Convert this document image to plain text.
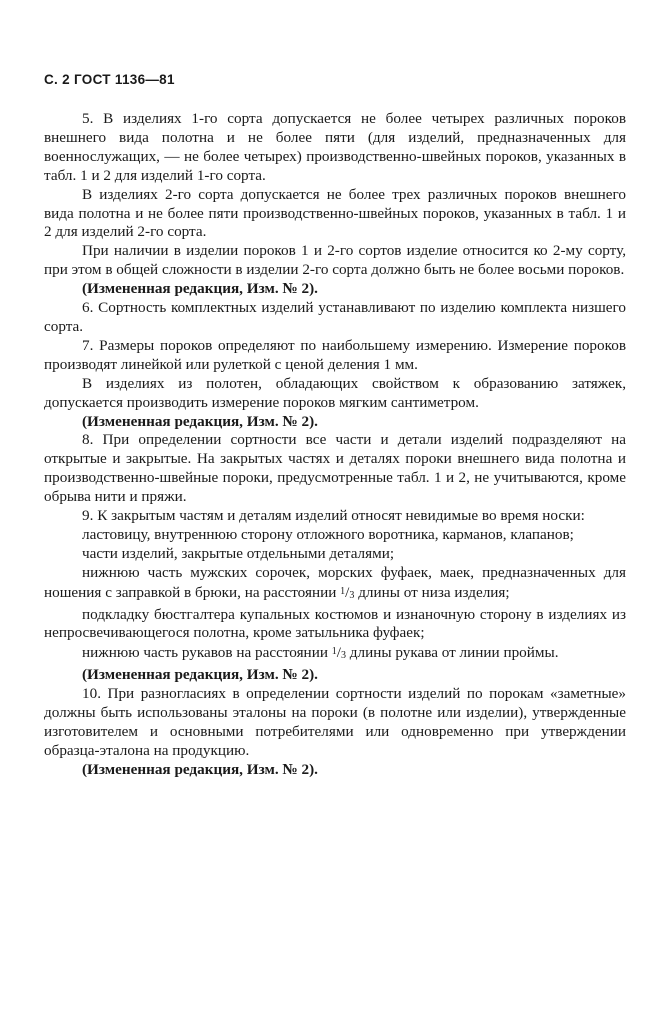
С. 2 ГОСТ 1136—81

5. В изделиях 1-го сорта допускается не более четырех различных пороков внешнего вида полотна и не более пяти (для изделий, предназначенных для военнослужащих, — не более четырех) производственно-швейных пороков, указанных в табл. 1 и 2 для изделий 1-го сорта.

В изделиях 2-го сорта допускается не более трех различных пороков внешнего вида полотна и не более пяти производственно-швейных пороков, указанных в табл. 1 и 2 для изделий 2-го сорта.

При наличии в изделии пороков 1 и 2-го сортов изделие относится ко 2-му сорту, при этом в общей сложности в изделии 2-го сорта должно быть не более восьми пороков.

(Измененная редакция, Изм. № 2).

6. Сортность комплектных изделий устанавливают по изделию комплекта низшего сорта.

7. Размеры пороков определяют по наибольшему измерению. Измерение пороков производят линейкой или рулеткой с ценой деления 1 мм.

В изделиях из полотен, обладающих свойством к образованию затяжек, допускается производить измерение пороков мягким сантиметром.

(Измененная редакция, Изм. № 2).

8. При определении сортности все части и детали изделий подразделяют на открытые и закрытые. На закрытых частях и деталях пороки внешнего вида полотна и производственно-швейные пороки, предусмотренные табл. 1 и 2, не учитываются, кроме обрыва нити и пряжи.

9. К закрытым частям и деталям изделий относят невидимые во время носки:

ластовицу, внутреннюю сторону отложного воротника, карманов, клапанов;

части изделий, закрытые отдельными деталями;

нижнюю часть мужских сорочек, морских фуфаек, маек, предназначенных для ношения с заправкой в брюки, на расстоянии $^1/_3$ длины от низа изделия;

подкладку бюстгалтера купальных костюмов и изнаночную сторону в изделиях из непросвечивающегося полотна, кроме затыльника фуфаек;

нижнюю часть рукавов на расстоянии $^1/_3$ длины рукава от линии проймы.

(Измененная редакция, Изм. № 2).

10. При разногласиях в определении сортности изделий по порокам «заметные» должны быть использованы эталоны на пороки (в полотне или изделии), утвержденные изготовителем и основными потребителями или одновременно при утверждении образца-эталона на продукцию.

(Измененная редакция, Изм. № 2).
